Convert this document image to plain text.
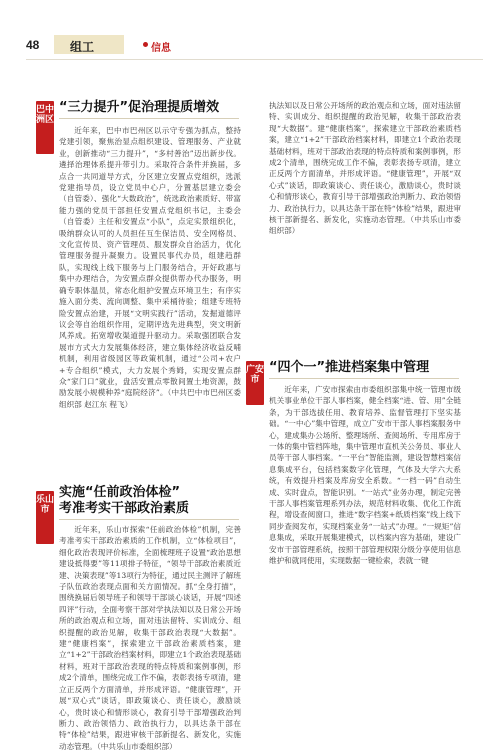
48	组工	信息
巴中洲区
“三力提升”促治理提质增效

近年来，巴中市巴州区以示守专强为抓点，整持党建引领，聚焦治显点组织建设、管理服务、产业就业，创新推动“三力提升”，“多村善治”迈出新步伐。遴择治理体系提升带引力。采取符合条件并换届，多点合一共同道导方式，分区建立安置点党组织，选派党建指导员，设立党员中心户，分置基层建立委会（自管委）、强化“大数政治”，统选政治素质好、带富能力强的党员干部担任安置点党组织书记，主委会（自管委）主任和安置点“小队”，点定实景组织化，吸纳群众认可的人员担任互生保洁员、安全网格员、文化宣传员、资产管理员、服发群众自治活力，优化管理服务提升凝聚力。设置民事代办员，组建趋群队，实现线上线下服务与上门服务结合，开好政惠与集中办理结合，为安置点群众提供帮办代办服务，明确专职体温员，常态化组护安置点环境卫生；有序实施入面分类、流向调整、集中采桶待验；组建专班特险安置点治建，开展“文明实践行”活动，发掘道德评议会等自治组织作用，定期评选先进典型，突文明新风养成。拓宽增收渠道提升驱动力。采取强团联合发展市方式大力发展集体经济，建立集体经济收益反哺机制，利用省级园区等政策机制，通过“公司+农户+专合组织”模式，大力发展个秀姆，实现安置点群众“家门口”就业，盘活安置点零散间置土地资源，鼓励发展小规模种养“庭院经济”。（中共巴中市巴州区委组织部 赵江东 程飞）

乐山市
实施“任前政治体检”
考准考实干部政治素质

近年来，乐山市探索“任前政治体检”机制，完善考准考实干部政治素质的工作机制，立“体检项目”，细化政治表现评价标准，全面梳理班子设置“政治思想建设抵得要”等11项排子特征，“领导干部政治素质近建、决策表现”等13项行为特征，通过民主测评了解班子队伍政治表现点面和关方面情况。抓“全身打描”，围绕换届后领导班子和领导干部谈心谈话，开展“四述四评”行动，全面考察干部对学执法知以及日常公开场所的政治观点和立场，面对违法留特、实训成分、组织提醒的政治见解，收集干部政治表现“大数据”。建“健康档案”，探索建立干部政治素质档案，建立“1+2”干部政治档案材料，即建立1个政治表现基础材料，班对干部政治表现的特点特质和案例事例，形成2个清单，围绕完成工作不偏，表彰表扬专项清，建立正反两个方面清单，并形成评语。“健康管理”，开展“双心式”谈话，即政策谈心、责任谈心，激励谈心，贵时谈心和情形谈心，教育引导干部增强政治判断力、政治领悟力、政治执行力，以具达条干部在特“体检”结果，跟进审核干部新提名、新发化，实施动态管理。（中共乐山市委组织部）

执法知以及日常公开场所的政治观点和立场，面对违法留特、实训成分、组织提醒的政治见解，收集干部政治表现“大数据”。建“健康档案”，探索建立干部政治素质档案，建立“1+2”干部政治档案材料，即建立1个政治表现基础材料，班对干部政治表现的特点特质和案例事例，形成2个清单，围绕完成工作不偏，表彰表扬专项清，建立正反两个方面清单，并形成评语。“健康管理”，开展“双心式”谈话，即政策谈心、责任谈心，激励谈心，贵时谈心和情形谈心，教育引导干部增强政治判断力、政治领悟力、政治执行力，以具达条干部在特“体检”结果，跟进审核干部新提名、新发化，实施动态管理。（中共乐山市委组织部）

广安市
“四个一”推进档案集中管理

近年来，广安市探索由市委组织部集中统一管理市级机关事业单位干部人事档案，健全档案“进、管、用”全链条，为干部选拔任用、教育培养、监督管理打下坚实基础。“一中心”集中管理，成立广安市干部人事档案服务中心，建成集办公场所、整理场所、查阅场所、专用库房于一体的集中管档阵地，集中管理市直机关公务员、事业人员等干部人事档案。“一平台”智能监测，建设智慧档案信息集成平台，包括档案数字化管理，气体及大学六大系统，有效提升档案及库房安全系数。“一档一码”自动生成、实时盘点，智能识别。“一站式”业务办理，制定完善干部人事档案管理系列办法，规范材料收集、优化工作流程，增设查阅窗口，推进“数字档案+纸质档案”线上线下同步查阅发布，实现档案业务“一站式”办理。“一规矩”信息集成，采取开展集建模式，以档案内容为基础，建设广安市干部管理系统，按照干部管理权限分级分享使用信息维护和就同使用，实现数据一键检索，表就一键
